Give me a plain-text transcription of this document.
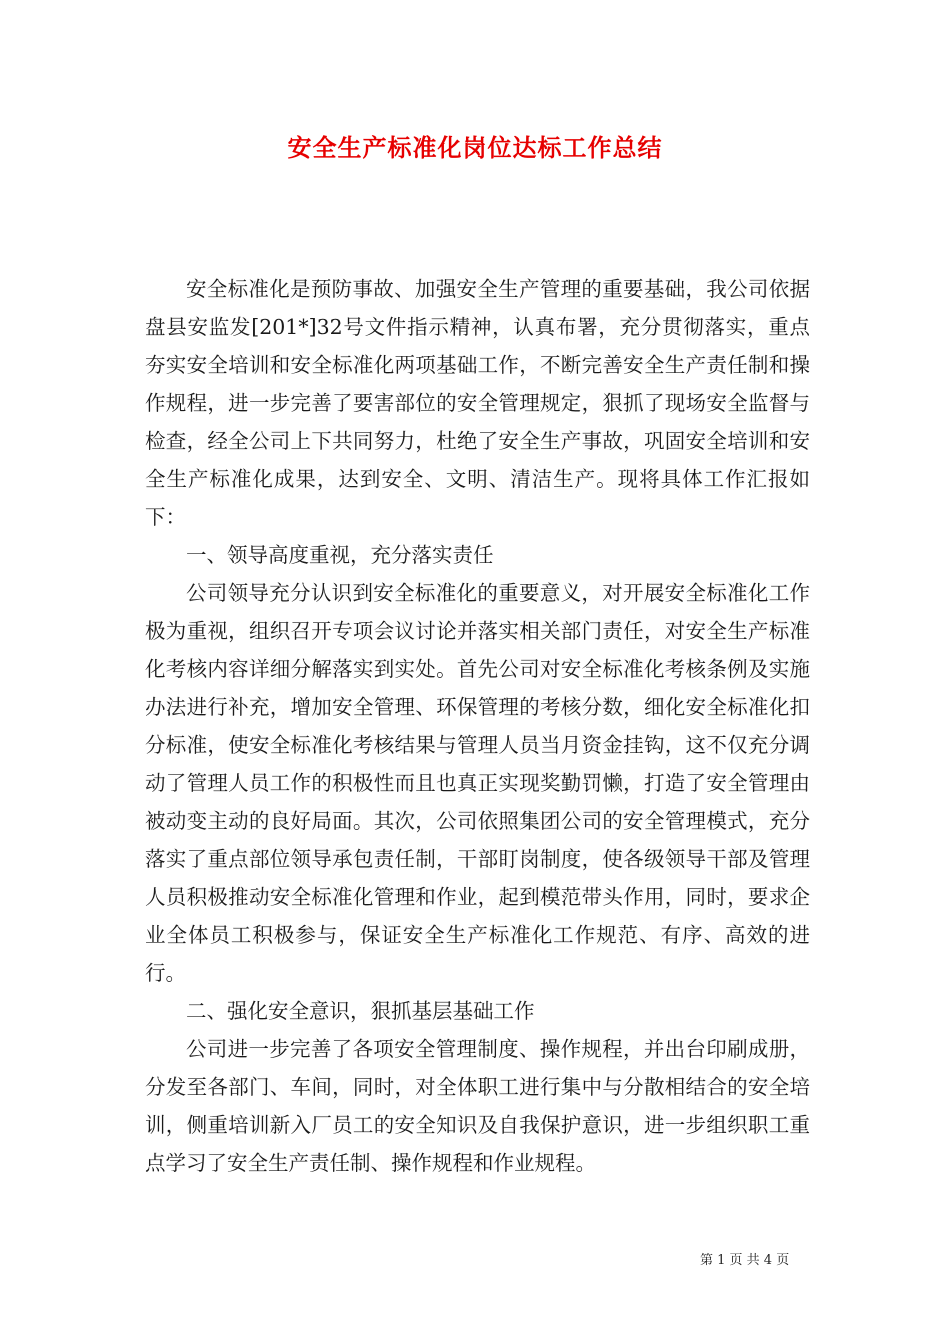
安全生产标准化岗位达标工作总结

安全标准化是预防事故、加强安全生产管理的重要基础，我公司依据盘县安监发[201*]32号文件指示精神，认真布署，充分贯彻落实，重点夯实安全培训和安全标准化两项基础工作，不断完善安全生产责任制和操作规程，进一步完善了要害部位的安全管理规定，狠抓了现场安全监督与检查，经全公司上下共同努力，杜绝了安全生产事故，巩固安全培训和安全生产标准化成果，达到安全、文明、清洁生产。现将具体工作汇报如下：

一、领导高度重视，充分落实责任

公司领导充分认识到安全标准化的重要意义，对开展安全标准化工作极为重视，组织召开专项会议讨论并落实相关部门责任，对安全生产标准化考核内容详细分解落实到实处。首先公司对安全标准化考核条例及实施办法进行补充，增加安全管理、环保管理的考核分数，细化安全标准化扣分标准，使安全标准化考核结果与管理人员当月资金挂钩，这不仅充分调动了管理人员工作的积极性而且也真正实现奖勤罚懒，打造了安全管理由被动变主动的良好局面。其次，公司依照集团公司的安全管理模式，充分落实了重点部位领导承包责任制，干部盯岗制度，使各级领导干部及管理人员积极推动安全标准化管理和作业，起到模范带头作用，同时，要求企业全体员工积极参与，保证安全生产标准化工作规范、有序、高效的进行。

二、强化安全意识，狠抓基层基础工作

公司进一步完善了各项安全管理制度、操作规程，并出台印刷成册，分发至各部门、车间，同时，对全体职工进行集中与分散相结合的安全培训，侧重培训新入厂员工的安全知识及自我保护意识，进一步组织职工重点学习了安全生产责任制、操作规程和作业规程。

第 1 页 共 4 页
